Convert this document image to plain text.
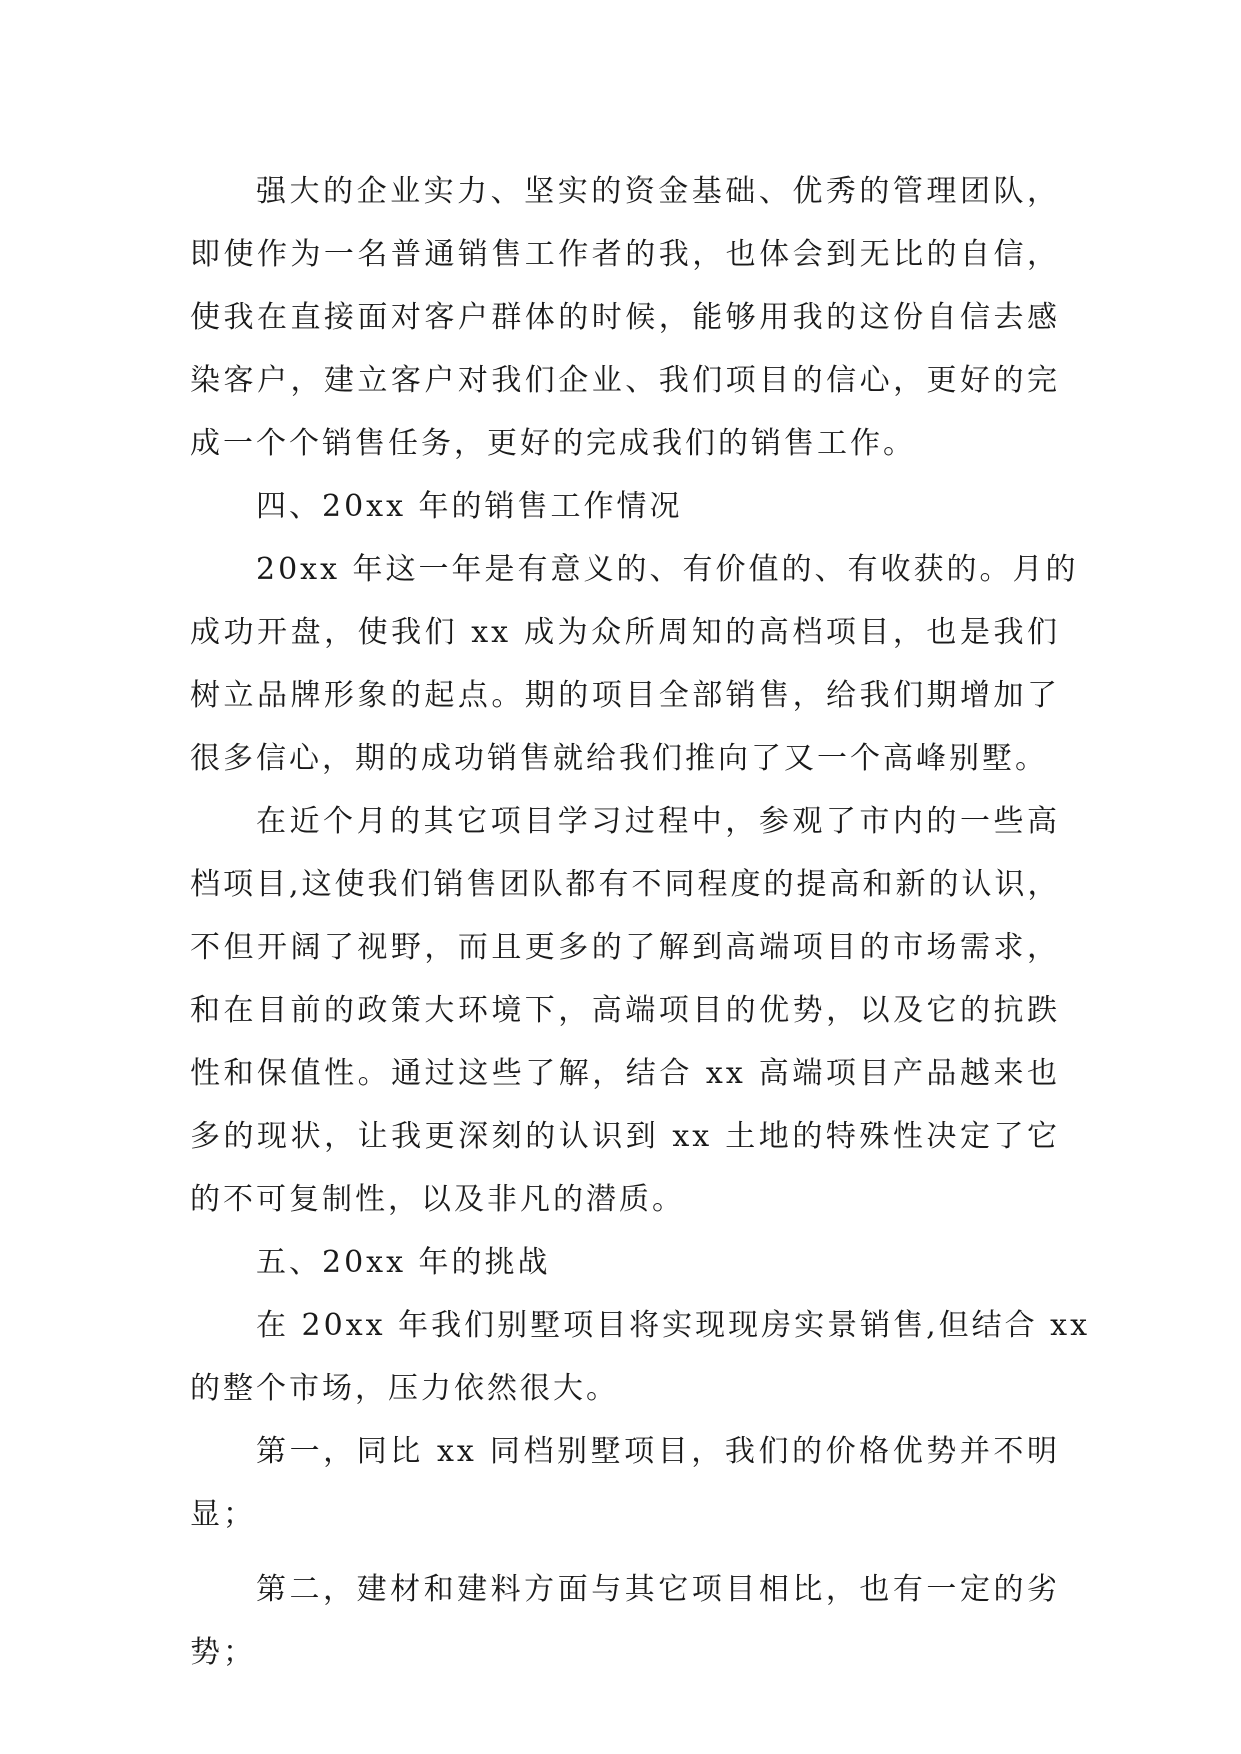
强大的企业实力、坚实的资金基础、优秀的管理团队，
即使作为一名普通销售工作者的我，也体会到无比的自信，
使我在直接面对客户群体的时候，能够用我的这份自信去感
染客户，建立客户对我们企业、我们项目的信心，更好的完
成一个个销售任务，更好的完成我们的销售工作。
四、20xx 年的销售工作情况
20xx 年这一年是有意义的、有价值的、有收获的。月的
成功开盘，使我们 xx 成为众所周知的高档项目，也是我们
树立品牌形象的起点。期的项目全部销售，给我们期增加了
很多信心，期的成功销售就给我们推向了又一个高峰别墅。
在近个月的其它项目学习过程中，参观了市内的一些高
档项目,这使我们销售团队都有不同程度的提高和新的认识，
不但开阔了视野，而且更多的了解到高端项目的市场需求，
和在目前的政策大环境下，高端项目的优势，以及它的抗跌
性和保值性。通过这些了解，结合 xx 高端项目产品越来也
多的现状，让我更深刻的认识到 xx 土地的特殊性决定了它
的不可复制性，以及非凡的潜质。
五、20xx 年的挑战
在 20xx 年我们别墅项目将实现现房实景销售,但结合 xx
的整个市场，压力依然很大。
第一，同比 xx 同档别墅项目，我们的价格优势并不明
显；
第二，建材和建料方面与其它项目相比，也有一定的劣
势；
